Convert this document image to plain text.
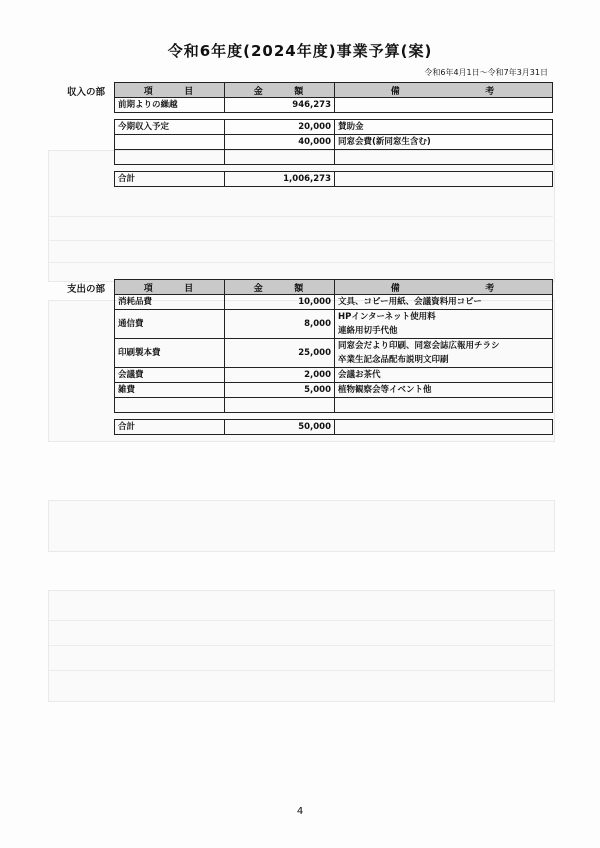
令和6年度(2024年度)事業予算(案)
令和6年4月1日～令和7年3月31日
収入の部	項 目	金 額	備 考

前期よりの繰越	946,273	

今期収入予定	20,000	賛助金
	40,000	同窓会費(新同窓生含む)

合計	1,006,273	
支出の部	項 目	金 額	備 考

消耗品費	10,000	文具、コピー用紙、会議資料用コピー

通信費	8,000	HPインターネット使用料
連絡用切手代他

印刷製本費	25,000	同窓会だより印刷、同窓会誌広報用チラシ
卒業生記念品配布説明文印刷

会議費	2,000	会議お茶代

雑費	5,000	植物観察会等イベント他

合計	50,000	
4
